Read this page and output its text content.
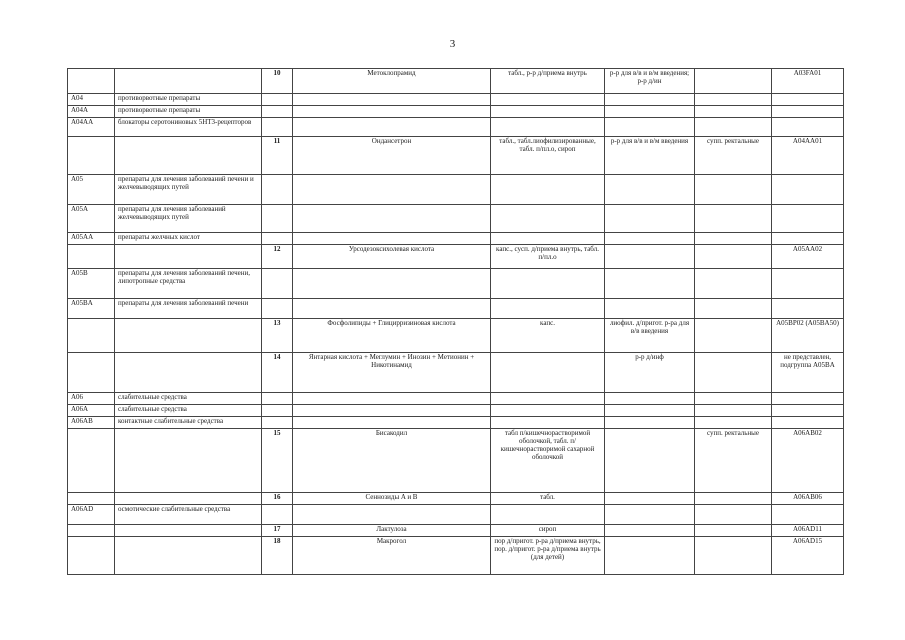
3
		10	Метоклопрамид	табл., р-р д/приема внутрь	р-р для в/в и в/м введения; р-р д/ин		A03FA01
A04	противорвотные препараты						
A04A	противорвотные препараты						
A04AA	блокаторы серотониновых 5HT3-рецепторов						
		11	Ондансетрон	табл., табл.лиофилизированные, табл. п/пл.о, сироп	р-р для в/в и в/м введения	супп. ректальные	A04AA01
A05	препараты для лечения заболеваний печени и желчевыводящих путей						
A05A	препараты для лечения заболеваний желчевыводящих путей						
A05AA	препараты желчных кислот						
		12	Урсодезоксихолевая кислота	капс., сусп. д/приема внутрь, табл. п/пл.о			A05AA02
A05B	препараты для лечения заболеваний печени, липотропные средства						
A05BA	препараты для лечения заболеваний печени						
		13	Фосфолипиды + Глицирризиновая кислота	капс.	лиофил. д/пригот. р-ра для в/в введения		A05BP02 (A05BA50)
		14	Янтарная кислота + Меглумин + Инозин + Метионин + Никотинамид		р-р д/инф		не представлен, подгруппа A05BA
A06	слабительные средства						
A06A	слабительные средства						
A06AB	контактные слабительные средства						
		15	Бисакодил	табл п/кишечнорастворимой оболочкой, табл. п/кишечнорастворимой сахарной оболочкой		супп. ректальные	A06AB02
		16	Сеннозиды A и B	табл.			A06AB06
A06AD	осмотические слабительные средства						
		17	Лактулоза	сироп			A06AD11
		18	Макрогол	пор д/пригот. р-ра д/приема внутрь, пор. д/пригот. р-ра д/приема внутрь (для детей)			A06AD15
